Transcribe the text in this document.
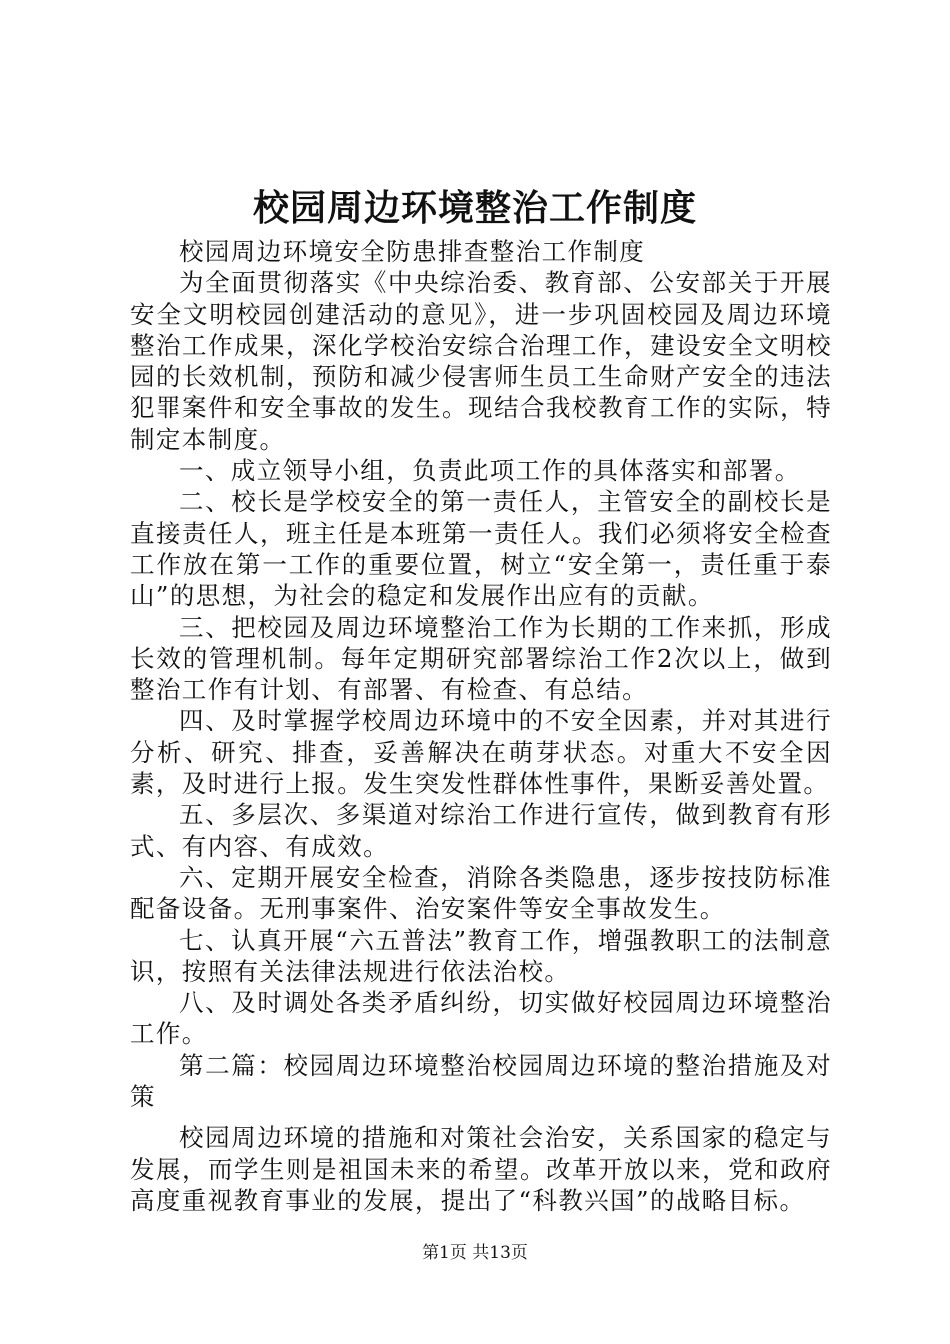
校园周边环境整治工作制度

校园周边环境安全防患排查整治工作制度

为全面贯彻落实《中央综治委、教育部、公安部关于开展安全文明校园创建活动的意见》，进一步巩固校园及周边环境整治工作成果，深化学校治安综合治理工作，建设安全文明校园的长效机制，预防和减少侵害师生员工生命财产安全的违法犯罪案件和安全事故的发生。现结合我校教育工作的实际，特制定本制度。

一、成立领导小组，负责此项工作的具体落实和部署。

二、校长是学校安全的第一责任人，主管安全的副校长是直接责任人，班主任是本班第一责任人。我们必须将安全检查工作放在第一工作的重要位置，树立“安全第一，责任重于泰山”的思想，为社会的稳定和发展作出应有的贡献。

三、把校园及周边环境整治工作为长期的工作来抓，形成长效的管理机制。每年定期研究部署综治工作2次以上，做到整治工作有计划、有部署、有检查、有总结。

四、及时掌握学校周边环境中的不安全因素，并对其进行分析、研究、排查，妥善解决在萌芽状态。对重大不安全因素，及时进行上报。发生突发性群体性事件，果断妥善处置。

五、多层次、多渠道对综治工作进行宣传，做到教育有形式、有内容、有成效。

六、定期开展安全检查，消除各类隐患，逐步按技防标准配备设备。无刑事案件、治安案件等安全事故发生。

七、认真开展“六五普法”教育工作，增强教职工的法制意识，按照有关法律法规进行依法治校。

八、及时调处各类矛盾纠纷，切实做好校园周边环境整治工作。

第二篇：校园周边环境整治校园周边环境的整治措施及对策

校园周边环境的措施和对策社会治安，关系国家的稳定与发展，而学生则是祖国未来的希望。改革开放以来，党和政府高度重视教育事业的发展，提出了“科教兴国”的战略目标。

第1页 共13页
